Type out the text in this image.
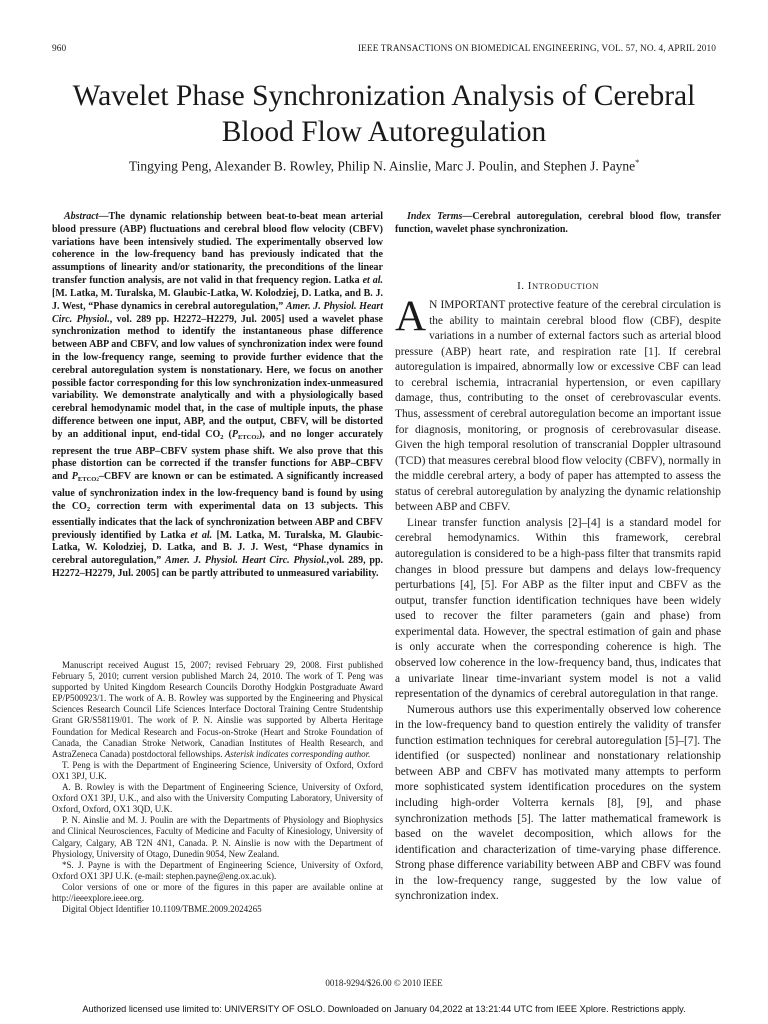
960	IEEE TRANSACTIONS ON BIOMEDICAL ENGINEERING, VOL. 57, NO. 4, APRIL 2010
Wavelet Phase Synchronization Analysis of Cerebral Blood Flow Autoregulation
Tingying Peng, Alexander B. Rowley, Philip N. Ainslie, Marc J. Poulin, and Stephen J. Payne*

Abstract—The dynamic relationship between beat-to-beat mean arterial blood pressure (ABP) fluctuations and cerebral blood flow velocity (CBFV) variations have been intensively studied. The experimentally observed low coherence in the low-frequency band has previously indicated that the assumptions of linearity and/or stationarity, the preconditions of the linear transfer function analysis, are not valid in that frequency region. Latka et al. [M. Latka, M. Turalska, M. Glaubic-Latka, W. Kolodziej, D. Latka, and B. J. J. West, “Phase dynamics in cerebral autoregulation,” Amer. J. Physiol. Heart Circ. Physiol., vol. 289 pp. H2272–H2279, Jul. 2005] used a wavelet phase synchronization method to identify the instantaneous phase difference between ABP and CBFV, and low values of synchronization index were found in the low-frequency range, seeming to provide further evidence that the cerebral autoregulation system is nonstationary. Here, we focus on another possible factor corresponding for this low synchronization index-unmeasured variability. We demonstrate analytically and with a physiologically based cerebral hemodynamic model that, in the case of multiple inputs, the phase difference between one input, ABP, and the output, CBFV, will be distorted by an additional input, end-tidal $CO_2$ $(P_{ETCO2})$, and no longer accurately represent the true ABP–CBFV system phase shift. We also prove that this phase distortion can be corrected if the transfer functions for ABP–CBFV and $P_{ETCO2}$–CBFV are known or can be estimated. A significantly increased value of synchronization index in the low-frequency band is found by using the $CO_2$ correction term with experimental data on 13 subjects. This essentially indicates that the lack of synchronization between ABP and CBFV previously identified by Latka et al. [M. Latka, M. Turalska, M. Glaubic-Latka, W. Kolodziej, D. Latka, and B. J. J. West, “Phase dynamics in cerebral autoregulation,” Amer. J. Physiol. Heart Circ. Physiol.,vol. 289, pp. H2272–H2279, Jul. 2005] can be partly attributed to unmeasured variability.

Manuscript received August 15, 2007; revised February 29, 2008. First published February 5, 2010; current version published March 24, 2010. The work of T. Peng was supported by United Kingdom Research Councils Dorothy Hodgkin Postgraduate Award EP/P500923/1. The work of A. B. Rowley was supported by the Engineering and Physical Sciences Research Council Life Sciences Interface Doctoral Training Centre Studentship Grant GR/S58119/01. The work of P. N. Ainslie was supported by Alberta Heritage Foundation for Medical Research and Focus-on-Stroke (Heart and Stroke Foundation of Canada, the Canadian Stroke Network, Canadian Institutes of Health Research, and AstraZeneca Canada) postdoctoral fellowships. Asterisk indicates corresponding author.

T. Peng is with the Department of Engineering Science, University of Oxford, Oxford OX1 3PJ, U.K.

A. B. Rowley is with the Department of Engineering Science, University of Oxford, Oxford OX1 3PJ, U.K., and also with the University Computing Laboratory, University of Oxford, Oxford, OX1 3QD, U.K.

P. N. Ainslie and M. J. Poulin are with the Departments of Physiology and Biophysics and Clinical Neurosciences, Faculty of Medicine and Faculty of Kinesiology, University of Calgary, Calgary, AB T2N 4N1, Canada. P. N. Ainslie is now with the Department of Physiology, University of Otago, Dunedin 9054, New Zealand.

*S. J. Payne is with the Department of Engineering Science, University of Oxford, Oxford OX1 3PJ U.K. (e-mail: stephen.payne@eng.ox.ac.uk).

Color versions of one or more of the figures in this paper are available online at http://ieeexplore.ieee.org.

Digital Object Identifier 10.1109/TBME.2009.2024265

Index Terms—Cerebral autoregulation, cerebral blood flow, transfer function, wavelet phase synchronization.

I. INTRODUCTION

A N IMPORTANT protective feature of the cerebral circulation is the ability to maintain cerebral blood flow (CBF), despite variations in a number of external factors such as arterial blood pressure (ABP) heart rate, and respiration rate [1]. If cerebral autoregulation is impaired, abnormally low or excessive CBF can lead to cerebral ischemia, intracranial hypertension, or even capillary damage, thus, contributing to the onset of cerebrovascular events. Thus, assessment of cerebral autoregulation become an important issue for diagnosis, monitoring, or prognosis of cerebrovasular disease. Given the high temporal resolution of transcranial Doppler ultrasound (TCD) that measures cerebral blood flow velocity (CBFV), normally in the middle cerebral artery, a body of paper has attempted to assess the status of cerebral autoregulation by analyzing the dynamic relationship between ABP and CBFV.

Linear transfer function analysis [2]–[4] is a standard model for cerebral hemodynamics. Within this framework, cerebral autoregulation is considered to be a high-pass filter that transmits rapid changes in blood pressure but dampens and delays low-frequency perturbations [4], [5]. For ABP as the filter input and CBFV as the output, transfer function identification techniques have been widely used to recover the filter parameters (gain and phase) from experimental data. However, the spectral estimation of gain and phase is only accurate when the corresponding coherence is high. The observed low coherence in the low-frequency band, thus, indicates that a univariate linear time-invariant system model is not a valid representation of the dynamics of cerebral autoregulation in that range.

Numerous authors use this experimentally observed low coherence in the low-frequency band to question entirely the validity of transfer function estimation techniques for cerebral autoregulation [5]–[7]. The identified (or suspected) nonlinear and nonstationary relationship between ABP and CBFV has motivated many attempts to perform more sophisticated system identification procedures on the system including high-order Volterra kernals [8], [9], and phase synchronization methods [5]. The latter mathematical framework is based on the wavelet decomposition, which allows for the identification and characterization of time-varying phase difference. Strong phase difference variability between ABP and CBFV was found in the low-frequency range, suggested by the low value of synchronization index.

0018-9294/$26.00 © 2010 IEEE
Authorized licensed use limited to: UNIVERSITY OF OSLO. Downloaded on January 04,2022 at 13:21:44 UTC from IEEE Xplore. Restrictions apply.
